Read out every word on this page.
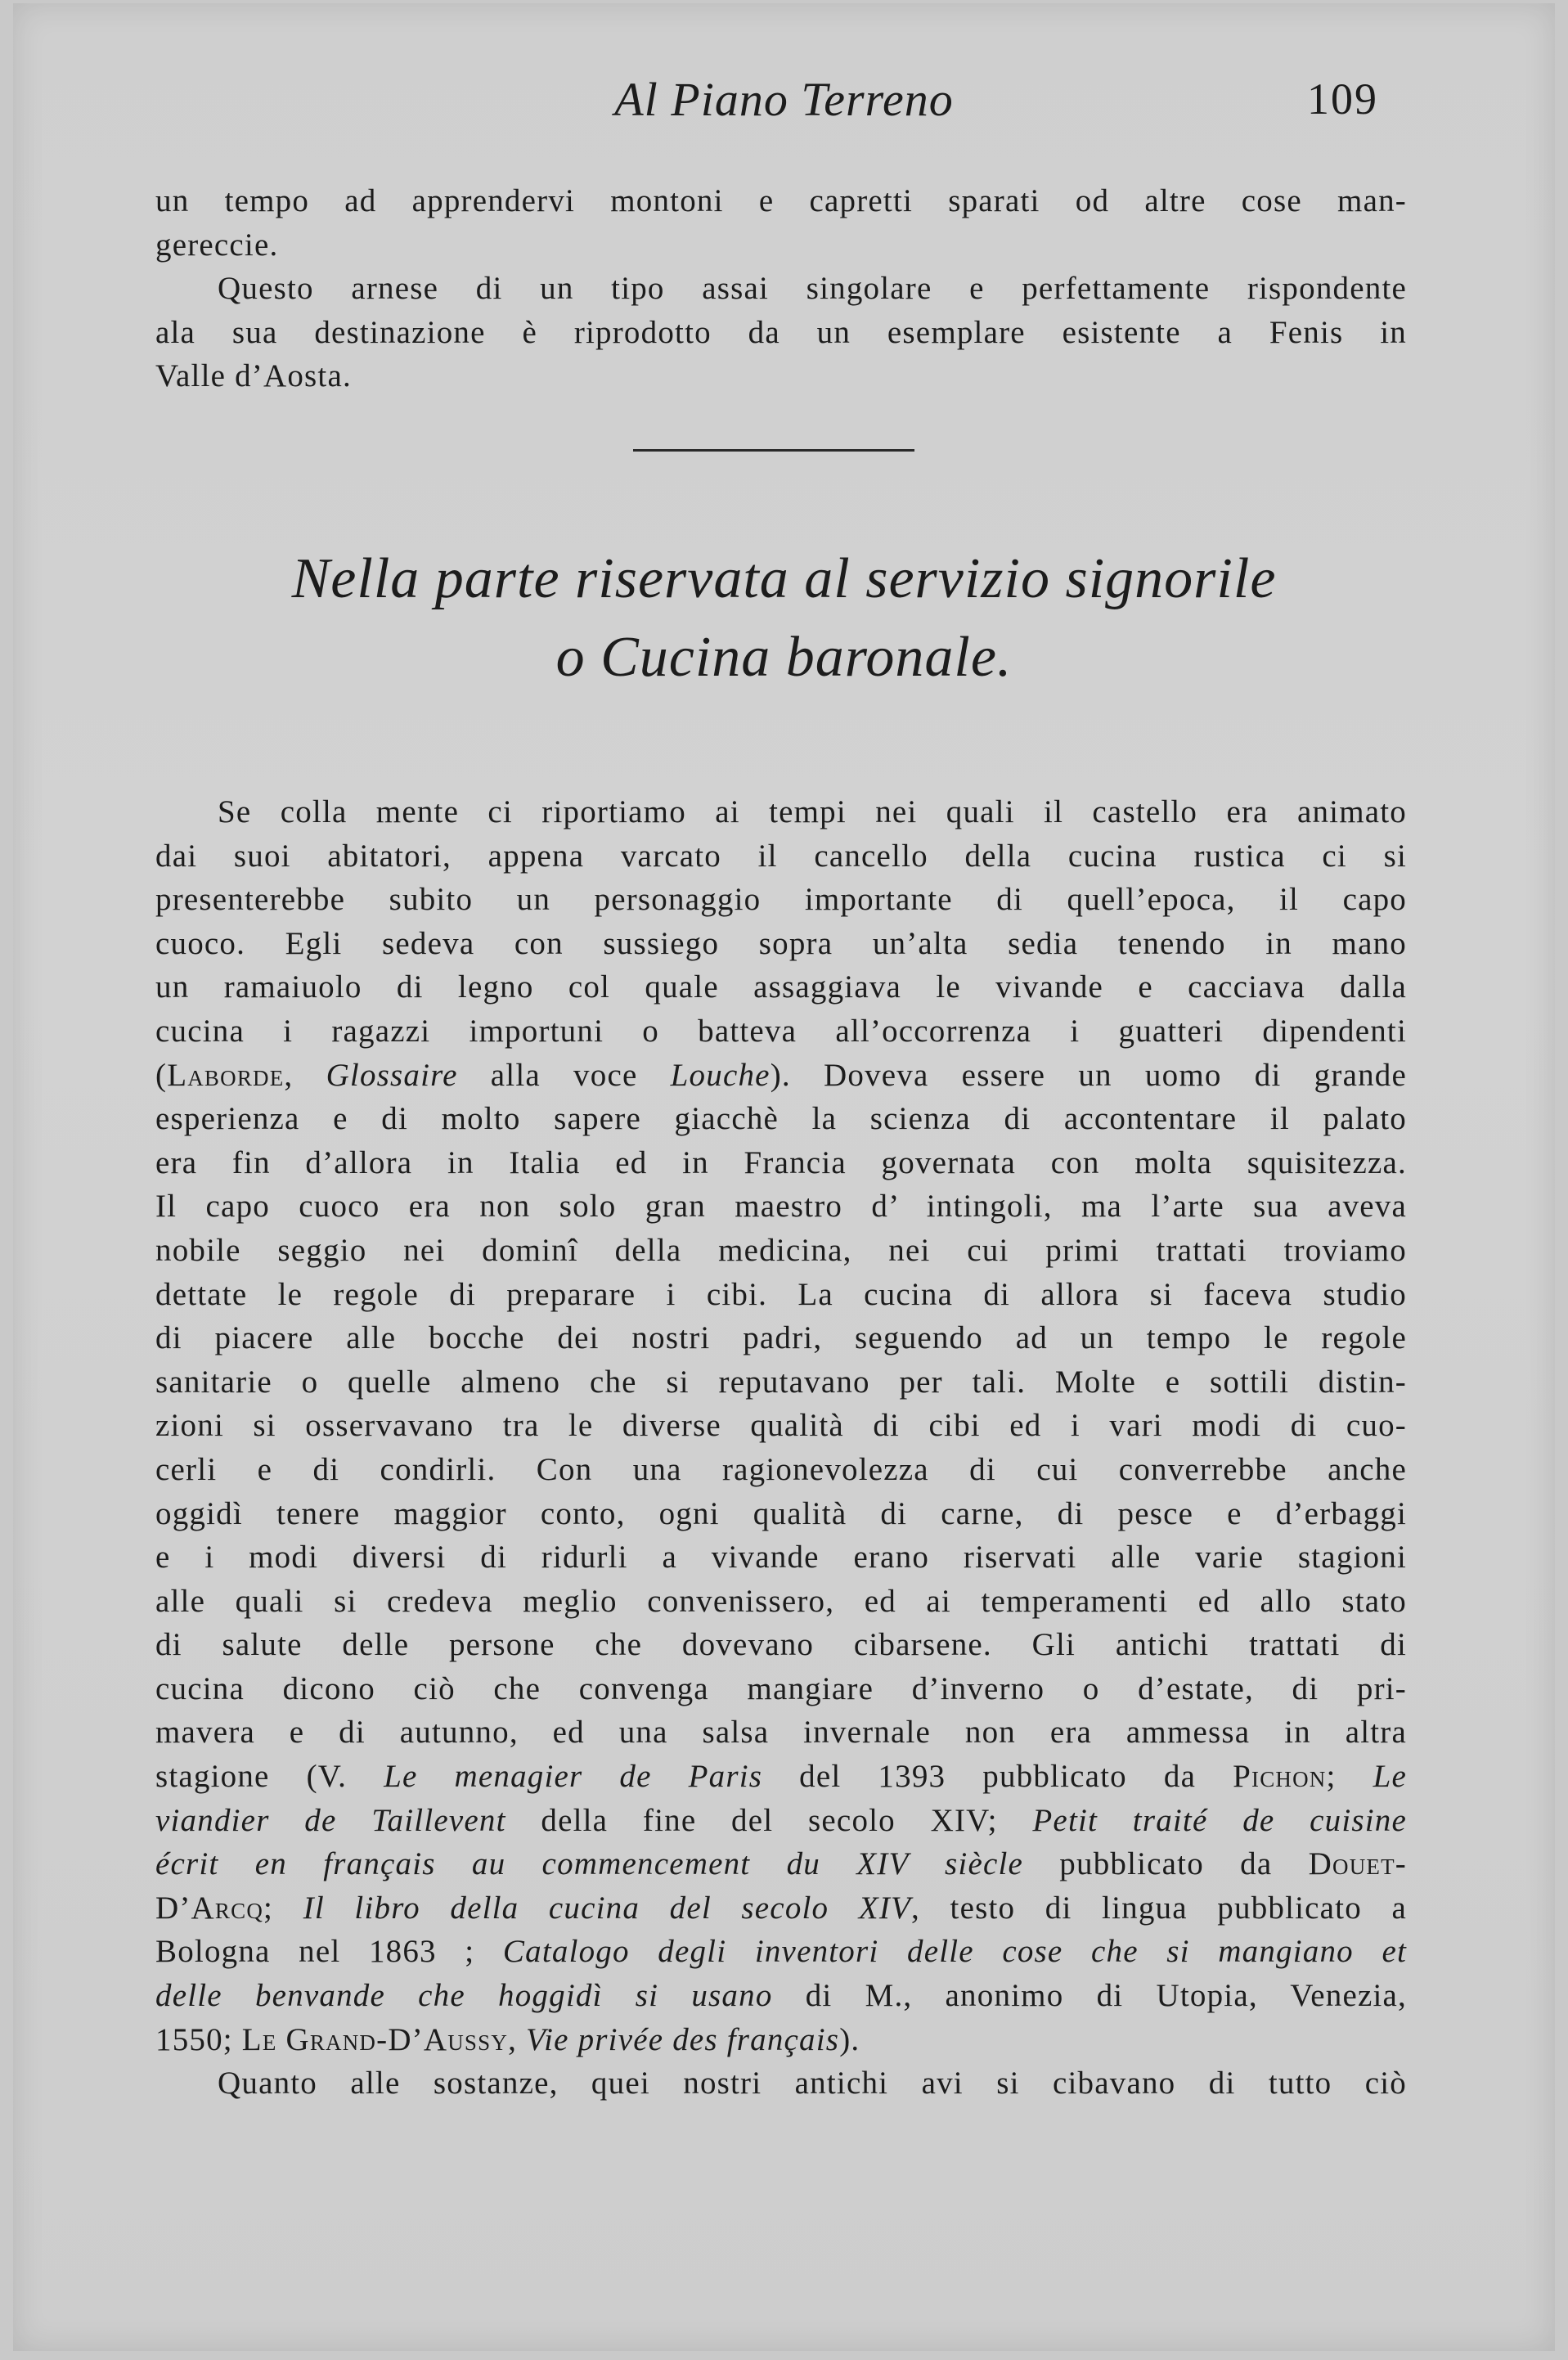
Al Piano Terreno	109
un tempo ad apprendervi montoni e capretti sparati od altre cose man-
gereccie.
Questo arnese di un tipo assai singolare e perfettamente rispondente
ala sua destinazione è riprodotto da un esemplare esistente a Fenis in
Valle d’Aosta.
Nella parte riservata al servizio signorile
o Cucina baronale.
Se colla mente ci riportiamo ai tempi nei quali il castello era animato
dai suoi abitatori, appena varcato il cancello della cucina rustica ci si
presenterebbe subito un personaggio importante di quell’epoca, il capo
cuoco. Egli sedeva con sussiego sopra un’alta sedia tenendo in mano
un ramaiuolo di legno col quale assaggiava le vivande e cacciava dalla
cucina i ragazzi importuni o batteva all’occorrenza i guatteri dipendenti
(Laborde, Glossaire alla voce Louche). Doveva essere un uomo di grande
esperienza e di molto sapere giacchè la scienza di accontentare il palato
era fin d’allora in Italia ed in Francia governata con molta squisitezza.
Il capo cuoco era non solo gran maestro d’ intingoli, ma l’arte sua aveva
nobile seggio nei dominî della medicina, nei cui primi trattati troviamo
dettate le regole di preparare i cibi. La cucina di allora si faceva studio
di piacere alle bocche dei nostri padri, seguendo ad un tempo le regole
sanitarie o quelle almeno che si reputavano per tali. Molte e sottili distin-
zioni si osservavano tra le diverse qualità di cibi ed i vari modi di cuo-
cerli e di condirli. Con una ragionevolezza di cui converrebbe anche
oggidì tenere maggior conto, ogni qualità di carne, di pesce e d’erbaggi
e i modi diversi di ridurli a vivande erano riservati alle varie stagioni
alle quali si credeva meglio convenissero, ed ai temperamenti ed allo stato
di salute delle persone che dovevano cibarsene. Gli antichi trattati di
cucina dicono ciò che convenga mangiare d’inverno o d’estate, di pri-
mavera e di autunno, ed una salsa invernale non era ammessa in altra
stagione (V. Le menagier de Paris del 1393 pubblicato da Pichon; Le
viandier de Taillevent della fine del secolo XIV; Petit traité de cuisine
écrit en français au commencement du XIV siècle pubblicato da Douet-
D’Arcq; Il libro della cucina del secolo XIV, testo di lingua pubblicato a
Bologna nel 1863 ; Catalogo degli inventori delle cose che si mangiano et
delle benvande che hoggidì si usano di M., anonimo di Utopia, Venezia,
1550; Le Grand-D’Aussy, Vie privée des français).
Quanto alle sostanze, quei nostri antichi avi si cibavano di tutto ciò
